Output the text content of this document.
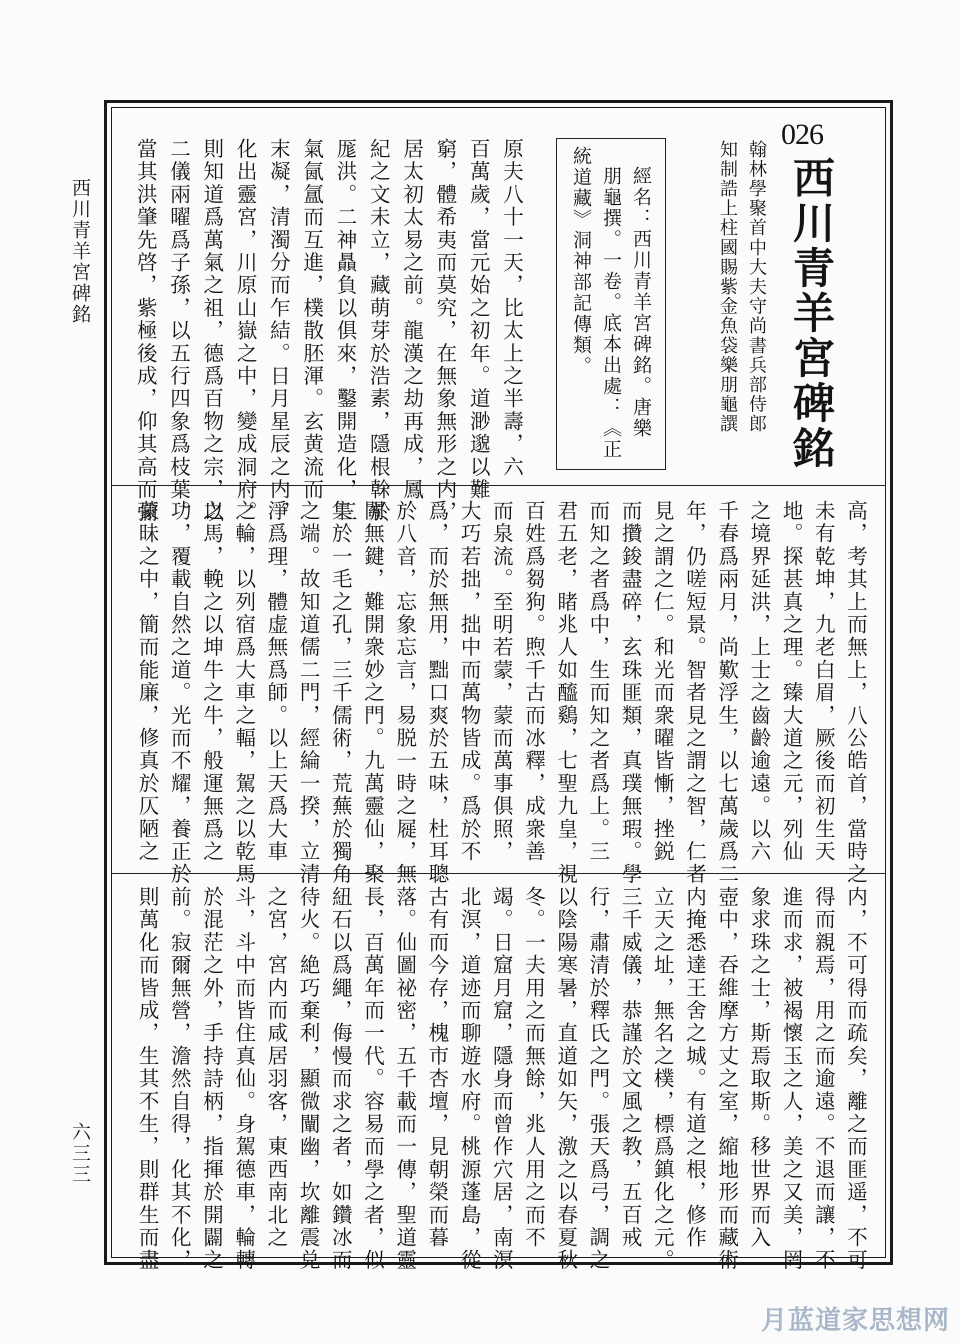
西川青羊宮碑銘
六三三
026
西川青羊宮碑銘
翰林學聚首中大夫守尚書兵部侍郎
知制誥上柱國賜紫金魚袋樂朋龜譔
經名：西川青羊宮碑銘。唐樂
朋龜撰。一卷。底本出處：《正
統道藏》洞神部記傳類。
原夫八十一天，比太上之半壽，六
百萬歲，當元始之初年。道渺邈以難
窮，體希夷而莫究，在無象無形之内，
居太初太易之前。龍漢之劫再成，鳳
紀之文未立，藏萌芽於浩素，隱根榦於
厖洪。二神贔負以俱來，鑿開造化，三
氣氤氲而互進，樸散胚渾。玄黄流而
末凝，清濁分而乍結。日月星辰之内，
化出靈宮，川原山嶽之中，變成洞府。
則知道爲萬氣之祖，德爲百物之宗，以
二儀兩曜爲子孫，以五行四象爲枝葉。
當其洪肇先啓，紫極後成，仰其高而彌
高，考其上而無上，八公皓首，當時之
未有乾坤，九老白眉，厥後而初生天
地。探甚真之理。臻大道之元，列仙
之境界延洪，上士之齒齡逾遠。以六
千春爲兩月，尚歎浮生，以七萬歲爲二
年，仍嗟短景。智者見之謂之智，仁者
見之謂之仁。和光而衆曜皆慚，挫鋭
而攢鋑盡碎，玄珠匪類，真璞無瑕。學
而知之者爲中，生而知之者爲上。三
君五老，睹兆人如醯鷄，七聖九皇，視
百姓爲芻狗。煦千古而冰釋，成衆善
而泉流。至明若蒙，蒙而萬事俱照，
大巧若拙，拙中而萬物皆成。爲於不
爲，而於無用，黜口爽於五味，杜耳聰
於八音，忘象忘言，易脱一時之屣，無
關無鍵，難開衆妙之門。九萬靈仙，聚
集於一毛之孔，三千儒術，荒蕪於獨角
之端。故知道儒二門，經綸一揆，立清
淨爲理，體虚無爲師。以上天爲大車
之輪，以列宿爲大車之輻，駕之以乾馬
之馬，輓之以坤牛之牛，般運無爲之
功，覆載自然之道。光而不耀，養正於
蒙昧之中，簡而能廉，修真於仄陋之
内，不可得而疏矣，離之而匪遥，不可
得而親焉，用之而逾遠。不退而讓，不
進而求，被褐懷玉之人，美之又美，罔
象求珠之士，斯焉取斯。移世界而入
壺中，吞維摩方丈之室，縮地形而藏術
内掩悉達王舍之城。有道之根，修作
立天之址，無名之樸，標爲鎮化之元。
三千威儀，恭謹於文風之教，五百戒
行，肅清於釋氏之門。張天爲弓，調之
以陰陽寒暑，直道如矢，激之以春夏秋
冬。一夫用之而無餘，兆人用之而不
竭。日窟月窟，隱身而曾作穴居，南溟
北溟，道迹而聊遊水府。桃源蓬島，從
古有而今存，槐市杏壇，見朝榮而暮
落。仙圖祕密，五千載而一傳，聖道靈
長，百萬年而一代。容易而學之者，似
紐石以爲繩，侮慢而求之者，如鑽冰而
待火。絶巧棄利，顯微闡幽，坎離震兑
之宮，宮内而咸居羽客，東西南北之
斗，斗中而皆住真仙。身駕德車，輪轉
於混茫之外，手持詩柄，指揮於開闢之
前。寂爾無營，澹然自得，化其不化，
則萬化而皆成，生其不生，則群生而盡
月蓝道家思想网
